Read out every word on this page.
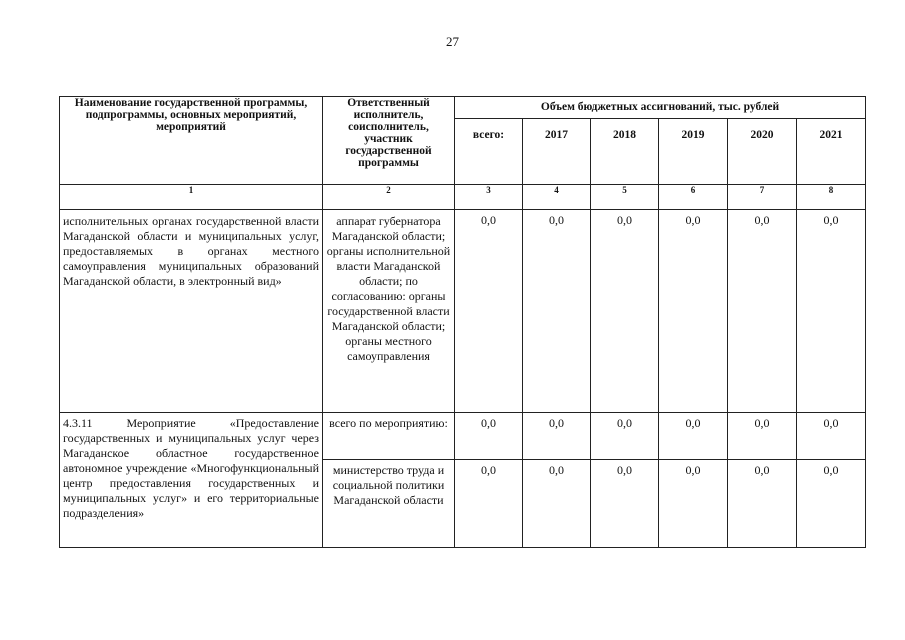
27
Наименование государственной программы, подпрограммы, основных мероприятий, мероприятий	Ответственный исполнитель, соисполнитель, участник государственной программы	Объем бюджетных ассигнований, тыс. рублей					
		всего:	2017	2018	2019	2020	2021
1	2	3	4	5	6	7	8
исполнительных органах государственной власти Магаданской области и муниципальных услуг, предоставляемых в органах местного самоуправления муниципальных образований Магаданской области, в электронный вид»	аппарат губернатора Магаданской области; органы исполнительной власти Магаданской области; по согласованию: органы государственной власти Магаданской области; органы местного самоуправления	0,0	0,0	0,0	0,0	0,0	0,0
4.3.11 Мероприятие «Предоставление государственных и муниципальных услуг через Магаданское областное государственное автономное учреждение «Многофункциональный центр предоставления государственных и муниципальных услуг» и его территориальные подразделения»	всего по мероприятию:	0,0	0,0	0,0	0,0	0,0	0,0
	министерство труда и социальной политики Магаданской области	0,0	0,0	0,0	0,0	0,0	0,0
